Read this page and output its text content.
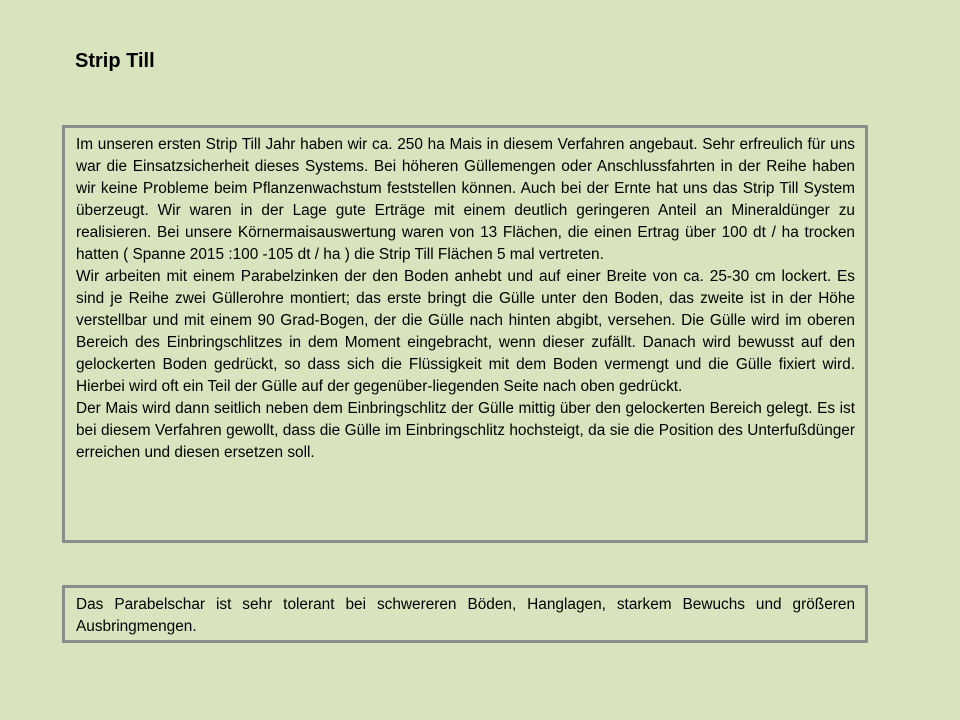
Strip Till

Im unseren ersten Strip Till Jahr haben wir ca. 250 ha Mais in diesem Verfahren angebaut. Sehr erfreulich für uns war die Einsatzsicherheit dieses Systems. Bei höheren Güllemengen oder Anschlussfahrten in der Reihe haben wir keine Probleme beim Pflanzenwachstum feststellen können. Auch bei der Ernte hat uns das Strip Till System überzeugt. Wir waren in der Lage gute Erträge mit einem deutlich geringeren Anteil an Mineraldünger zu realisieren. Bei unsere Körnermaisauswertung waren von 13 Flächen, die einen Ertrag über 100 dt / ha trocken hatten ( Spanne 2015 :100 -105 dt / ha ) die Strip Till Flächen 5 mal vertreten.

Wir arbeiten mit einem Parabelzinken der den Boden anhebt und auf einer Breite von ca. 25-30 cm lockert. Es sind je Reihe zwei Güllerohre montiert; das erste bringt die Gülle unter den Boden, das zweite ist in der Höhe verstellbar und mit einem 90 Grad-Bogen, der die Gülle nach hinten abgibt, versehen. Die Gülle wird im oberen Bereich des Einbringschlitzes in dem Moment eingebracht, wenn dieser zufällt. Danach wird bewusst auf den gelockerten Boden gedrückt, so dass sich die Flüssigkeit mit dem Boden vermengt und die Gülle fixiert wird. Hierbei wird oft ein Teil der Gülle auf der gegenüber-liegenden Seite nach oben gedrückt.

Der Mais wird dann seitlich neben dem Einbringschlitz der Gülle mittig über den gelockerten Bereich gelegt. Es ist bei diesem Verfahren gewollt, dass die Gülle im Einbringschlitz hochsteigt, da sie die Position des Unterfußdünger erreichen und diesen ersetzen soll.

Das Parabelschar ist sehr tolerant bei schwereren Böden, Hanglagen, starkem Bewuchs und größeren Ausbringmengen.
